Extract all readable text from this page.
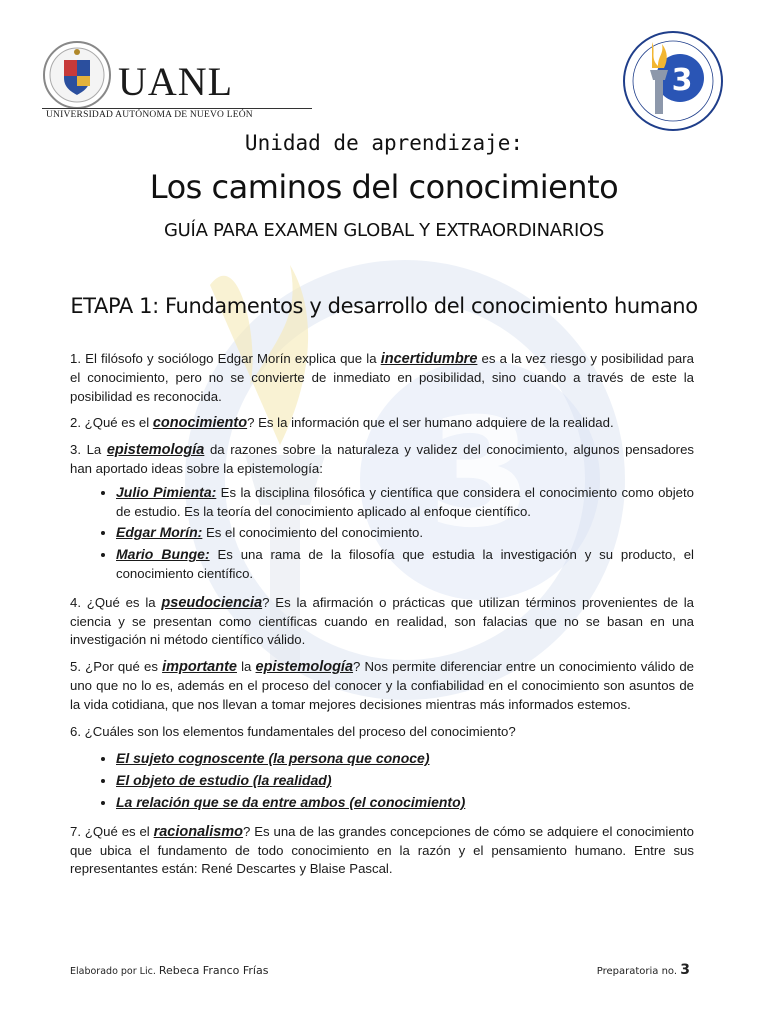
3
UANL
UNIVERSIDAD AUTÓNOMA DE NUEVO LEÓN
3
Unidad de aprendizaje:
Los caminos del conocimiento
GUÍA PARA EXAMEN GLOBAL Y EXTRAORDINARIOS
ETAPA 1: Fundamentos y desarrollo del conocimiento humano

1. El filósofo y sociólogo Edgar Morín explica que la incertidumbre es a la vez riesgo y posibilidad para el conocimiento, pero no se convierte de inmediato en posibilidad, sino cuando a través de este la posibilidad es reconocida.

2. ¿Qué es el conocimiento? Es la información que el ser humano adquiere de la realidad.

3. La epistemología da razones sobre la naturaleza y validez del conocimiento, algunos pensadores han aportado ideas sobre la epistemología:

• Julio Pimienta: Es la disciplina filosófica y científica que considera el conocimiento como objeto de estudio. Es la teoría del conocimiento aplicado al enfoque científico.
• Edgar Morín: Es el conocimiento del conocimiento.
• Mario Bunge: Es una rama de la filosofía que estudia la investigación y su producto, el conocimiento científico.

4. ¿Qué es la pseudociencia? Es la afirmación o prácticas que utilizan términos provenientes de la ciencia y se presentan como científicas cuando en realidad, son falacias que no se basan en una investigación ni método científico válido.

5. ¿Por qué es importante la epistemología? Nos permite diferenciar entre un conocimiento válido de uno que no lo es, además en el proceso del conocer y la confiabilidad en el conocimiento son asuntos de la vida cotidiana, que nos llevan a tomar mejores decisiones mientras más informados estemos.

6. ¿Cuáles son los elementos fundamentales del proceso del conocimiento?

• El sujeto cognoscente (la persona que conoce)
• El objeto de estudio (la realidad)
• La relación que se da entre ambos (el conocimiento)

7. ¿Qué es el racionalismo? Es una de las grandes concepciones de cómo se adquiere el conocimiento que ubica el fundamento de todo conocimiento en la razón y el pensamiento humano. Entre sus representantes están: René Descartes y Blaise Pascal.

Elaborado por Lic. Rebeca Franco Frías	Preparatoria no. 3
